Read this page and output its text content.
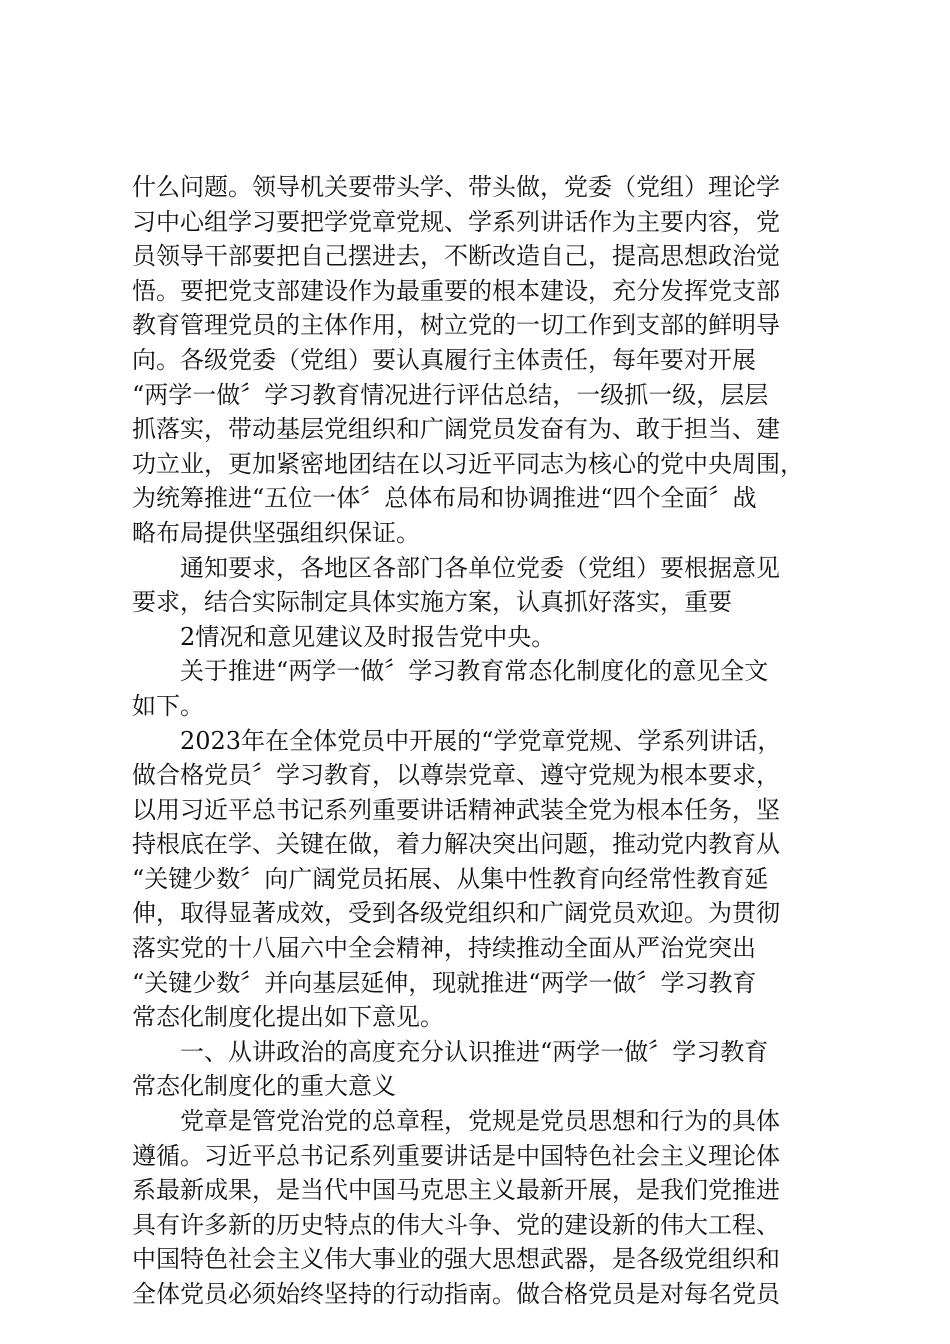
什么问题。领导机关要带头学、带头做，党委（党组）理论学
习中心组学习要把学党章党规、学系列讲话作为主要内容，党
员领导干部要把自己摆进去，不断改造自己，提高思想政治觉
悟。要把党支部建设作为最重要的根本建设，充分发挥党支部
教育管理党员的主体作用，树立党的一切工作到支部的鲜明导
向。各级党委（党组）要认真履行主体责任，每年要对开展
“两学一做〞学习教育情况进行评估总结，一级抓一级，层层
抓落实，带动基层党组织和广阔党员发奋有为、敢于担当、建
功立业，更加紧密地团结在以习近平同志为核心的党中央周围，
为统筹推进“五位一体〞总体布局和协调推进“四个全面〞战
略布局提供坚强组织保证。
通知要求，各地区各部门各单位党委（党组）要根据意见
要求，结合实际制定具体实施方案，认真抓好落实，重要
2情况和意见建议及时报告党中央。
关于推进“两学一做〞学习教育常态化制度化的意见全文
如下。
2023年在全体党员中开展的“学党章党规、学系列讲话，
做合格党员〞学习教育，以尊崇党章、遵守党规为根本要求，
以用习近平总书记系列重要讲话精神武装全党为根本任务，坚
持根底在学、关键在做，着力解决突出问题，推动党内教育从
“关键少数〞向广阔党员拓展、从集中性教育向经常性教育延
伸，取得显著成效，受到各级党组织和广阔党员欢迎。为贯彻
落实党的十八届六中全会精神，持续推动全面从严治党突出
“关键少数〞并向基层延伸，现就推进“两学一做〞学习教育
常态化制度化提出如下意见。
一、从讲政治的高度充分认识推进“两学一做〞学习教育
常态化制度化的重大意义
党章是管党治党的总章程，党规是党员思想和行为的具体
遵循。习近平总书记系列重要讲话是中国特色社会主义理论体
系最新成果，是当代中国马克思主义最新开展，是我们党推进
具有许多新的历史特点的伟大斗争、党的建设新的伟大工程、
中国特色社会主义伟大事业的强大思想武器，是各级党组织和
全体党员必须始终坚持的行动指南。做合格党员是对每名党员
